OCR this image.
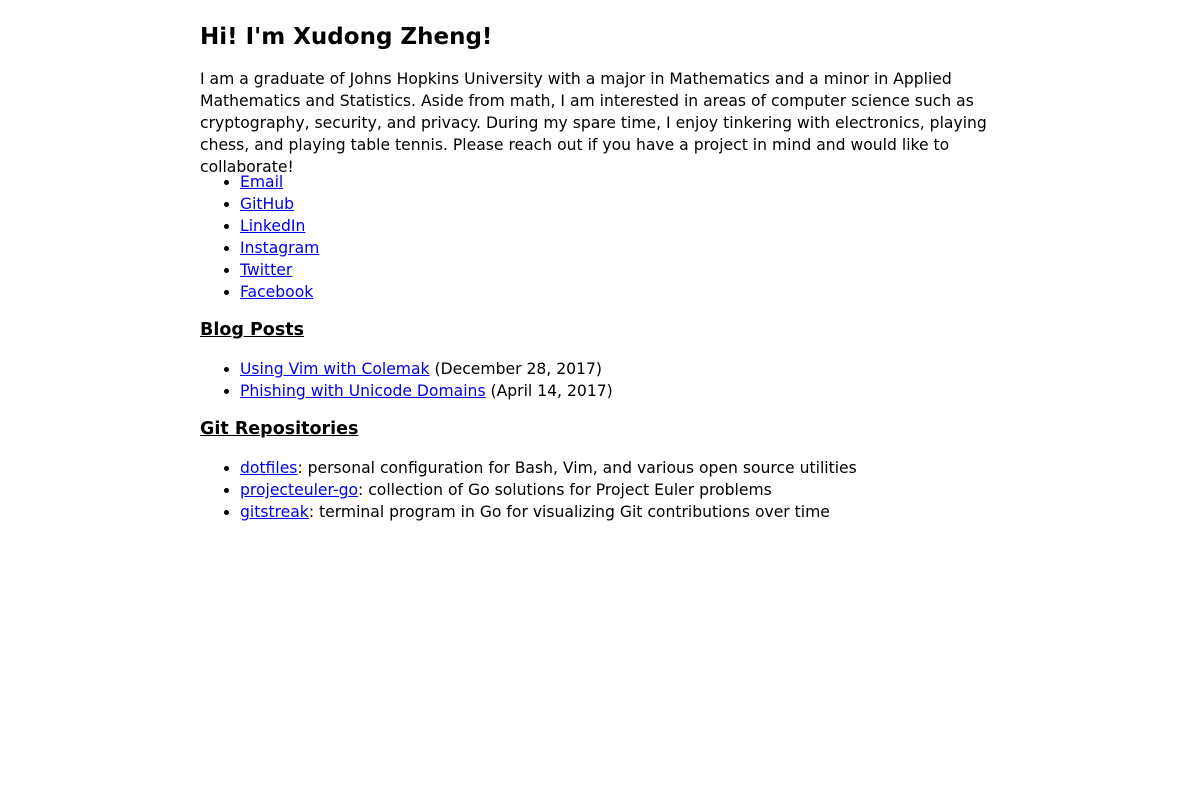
Hi! I'm Xudong Zheng!

I am a graduate of Johns Hopkins University with a major in Mathematics and a minor in Applied Mathematics and Statistics. Aside from math, I am interested in areas of computer science such as cryptography, security, and privacy. During my spare time, I enjoy tinkering with electronics, playing chess, and playing table tennis. Please reach out if you have a project in mind and would like to collaborate!

• Email
• GitHub
• LinkedIn
• Instagram
• Twitter
• Facebook
Blog Posts
• Using Vim with Colemak (December 28, 2017)
• Phishing with Unicode Domains (April 14, 2017)
Git Repositories
• dotfiles: personal configuration for Bash, Vim, and various open source utilities
• projecteuler-go: collection of Go solutions for Project Euler problems
• gitstreak: terminal program in Go for visualizing Git contributions over time
